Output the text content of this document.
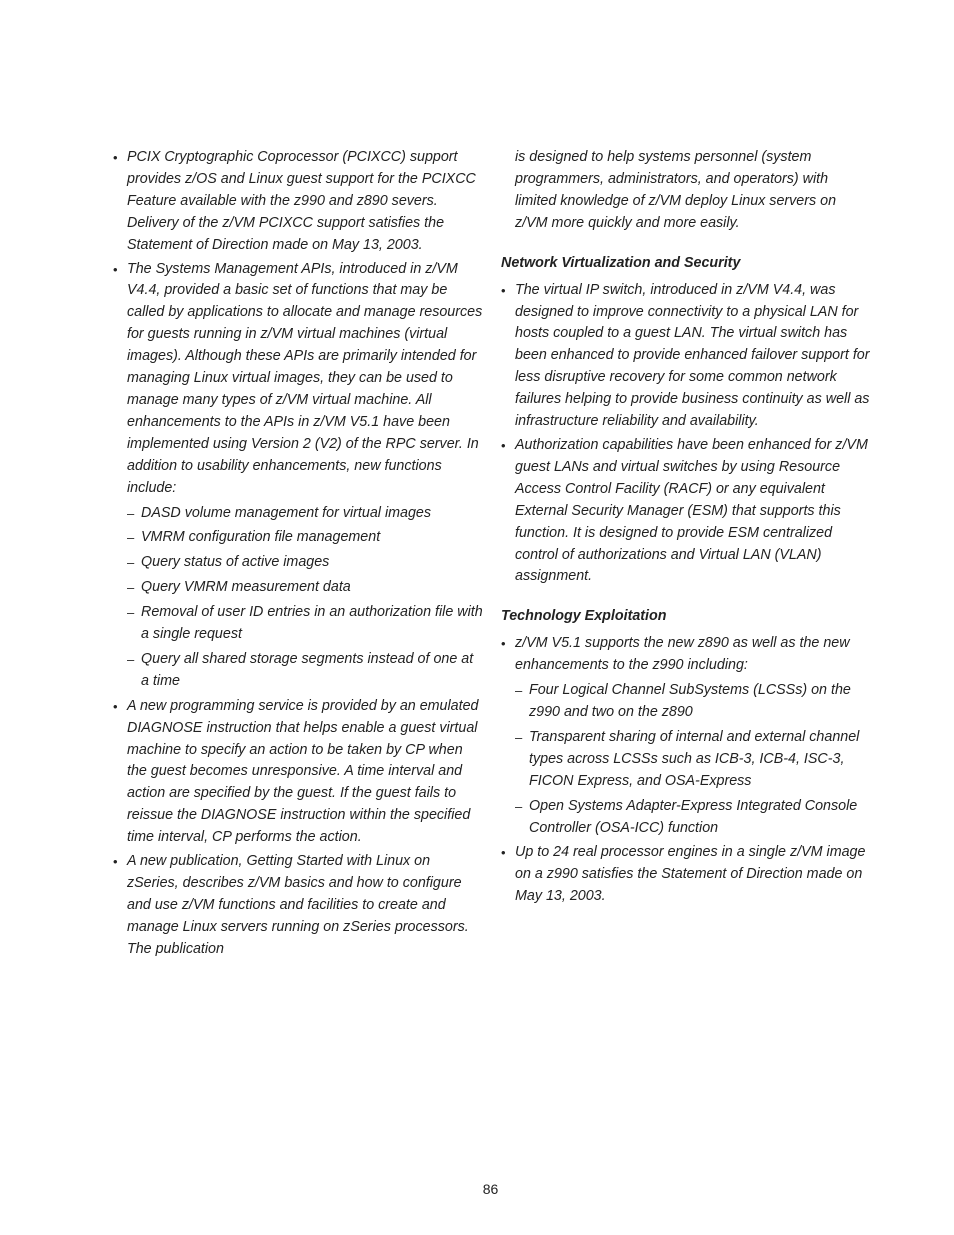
• PCIX Cryptographic Coprocessor (PCIXCC) support provides z/OS and Linux guest support for the PCIXCC Feature available with the z990 and z890 severs. Delivery of the z/VM PCIXCC support satisfies the Statement of Direction made on May 13, 2003.

• The Systems Management APIs, introduced in z/VM V4.4, provided a basic set of functions that may be called by applications to allocate and manage resources for guests running in z/VM virtual machines (virtual images). Although these APIs are primarily intended for managing Linux virtual images, they can be used to manage many types of z/VM virtual machine. All enhancements to the APIs in z/VM V5.1 have been implemented using Version 2 (V2) of the RPC server. In addition to usability enhancements, new functions include:

– DASD volume management for virtual images

– VMRM configuration file management

– Query status of active images

– Query VMRM measurement data

– Removal of user ID entries in an authorization file with a single request

– Query all shared storage segments instead of one at a time

• A new programming service is provided by an emulated DIAGNOSE instruction that helps enable a guest virtual machine to specify an action to be taken by CP when the guest becomes unresponsive. A time interval and action are specified by the guest. If the guest fails to reissue the DIAGNOSE instruction within the specified time interval, CP performs the action.

• A new publication, Getting Started with Linux on zSeries, describes z/VM basics and how to configure and use z/VM functions and facilities to create and manage Linux servers running on zSeries processors. The publication

is designed to help systems personnel (system programmers, administrators, and operators) with limited knowledge of z/VM deploy Linux servers on z/VM more quickly and more easily.

Network Virtualization and Security

• The virtual IP switch, introduced in z/VM V4.4, was designed to improve connectivity to a physical LAN for hosts coupled to a guest LAN. The virtual switch has been enhanced to provide enhanced failover support for less disruptive recovery for some common network failures helping to provide business continuity as well as infrastructure reliability and availability.

• Authorization capabilities have been enhanced for z/VM guest LANs and virtual switches by using Resource Access Control Facility (RACF) or any equivalent External Security Manager (ESM) that supports this function. It is designed to provide ESM centralized control of authorizations and Virtual LAN (VLAN) assignment.

Technology Exploitation

• z/VM V5.1 supports the new z890 as well as the new enhancements to the z990 including:

– Four Logical Channel SubSystems (LCSSs) on the z990 and two on the z890

– Transparent sharing of internal and external channel types across LCSSs such as ICB-3, ICB-4, ISC-3, FICON Express, and OSA-Express

– Open Systems Adapter-Express Integrated Console Controller (OSA-ICC) function

• Up to 24 real processor engines in a single z/VM image on a z990 satisfies the Statement of Direction made on May 13, 2003.

86
